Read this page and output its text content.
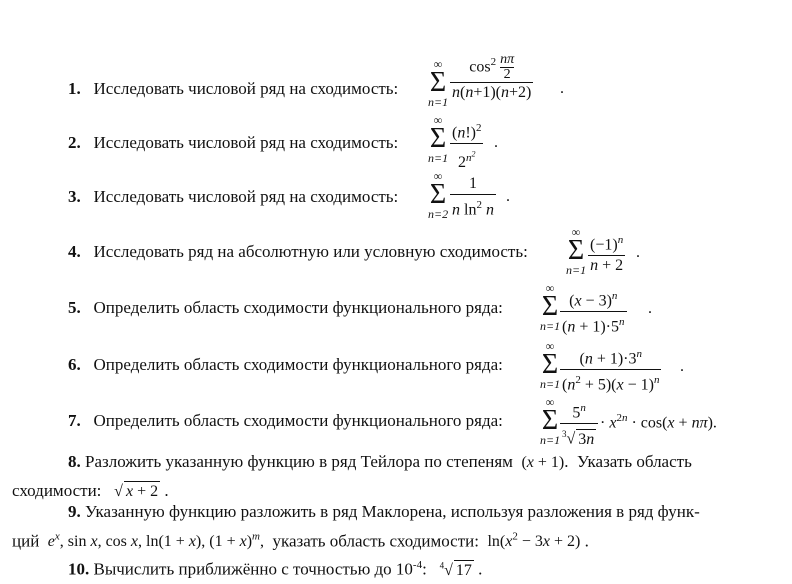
1. Исследовать числовой ряд на сходимость:
∞
Σ
$n=1 \frac{\cos^2 \frac{n\pi}{2}}{n(n+1)(n+2)}$ .
2. Исследовать числовой ряд на сходимость:
∞
Σ
$n=1 \frac{(n!)^2}{2^{n^2}}$ .
3. Исследовать числовой ряд на сходимость:
∞
Σ
$n=2 \frac{1}{n \ln^2 n}$ .
4. Исследовать ряд на абсолютную или условную сходимость:
∞
Σ
$n=1 \frac{(-1)^n}{n + 2}$ .
5. Определить область сходимости функционального ряда:
∞
Σ
$n=1 \frac{(x - 3)^n}{(n + 1)\cdot 5^n}$ .
6. Определить область сходимости функционального ряда:
∞
Σ
$n=1 \frac{(n + 1)\cdot 3^n}{(n^2 + 5)(x - 1)^n}$ .
7. Определить область сходимости функционального ряда:
∞
Σ
$n=1 \frac{5^n}{^3√ 3n} \cdot x^{2n} \cdot \cos(x + n\pi)$.
8. Разложить указанную функцию в ряд Тейлора по степеням (x + 1).  Указать область
сходимости: √ x + 2 .
9. Указанную функцию разложить в ряд Маклорена, используя разложения в ряд функ-
ций $e^x$, sin x, cos x, ln(1 + x), $(1 + x)^m$, указать область сходимости: $\ln(x^2 - 3x + 2)$ .
10. Вычислить приближённо с точностью до $10^{-4}$: $^4$√ 17 .
